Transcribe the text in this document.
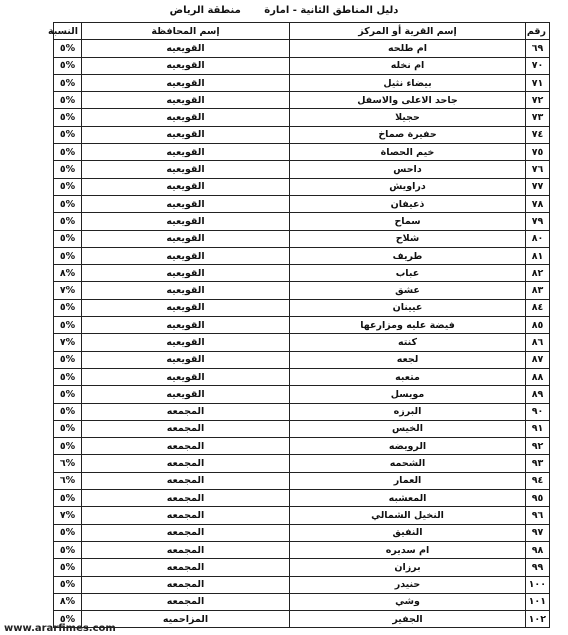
دليل المناطق الثانية - امارة منطقة الرياض
رقم	إسم القرية أو المركز	إسم المحافظة	النسبة
٦٩	ام طلحه	القويعيه	٥%
٧٠	ام نخله	القويعيه	٥%
٧١	بيضاء نثيل	القويعيه	٥%
٧٢	جاحد الاعلى والاسفل	القويعيه	٥%
٧٣	حجيلا	القويعيه	٥%
٧٤	حفيرة صماخ	القويعيه	٥%
٧٥	خيم الحصاة	القويعيه	٥%
٧٦	داحس	القويعيه	٥%
٧٧	دراويش	القويعيه	٥%
٧٨	ذعيفان	القويعيه	٥%
٧٩	سماح	القويعيه	٥%
٨٠	شلاح	القويعيه	٥%
٨١	طريف	القويعيه	٥%
٨٢	عباب	القويعيه	٨%
٨٣	عشق	القويعيه	٧%
٨٤	عيينان	القويعيه	٥%
٨٥	فيضة عليه ومزارعها	القويعيه	٥%
٨٦	كنته	القويعيه	٧%
٨٧	لجعه	القويعيه	٥%
٨٨	متعبه	القويعيه	٥%
٨٩	مويسل	القويعيه	٥%
٩٠	البرزه	المجمعه	٥%
٩١	الخيس	المجمعه	٥%
٩٢	الرويضه	المجمعه	٥%
٩٣	الشحمه	المجمعه	٦%
٩٤	العمار	المجمعه	٦%
٩٥	المعشبه	المجمعه	٥%
٩٦	النخيل الشمالي	المجمعه	٧%
٩٧	النفيق	المجمعه	٥%
٩٨	ام سديره	المجمعه	٥%
٩٩	برزان	المجمعه	٥%
١٠٠	حنيدر	المجمعه	٥%
١٠١	وشي	المجمعه	٨%
١٠٢	الجفير	المزاحميه	٥%
www.ararfimes.com
